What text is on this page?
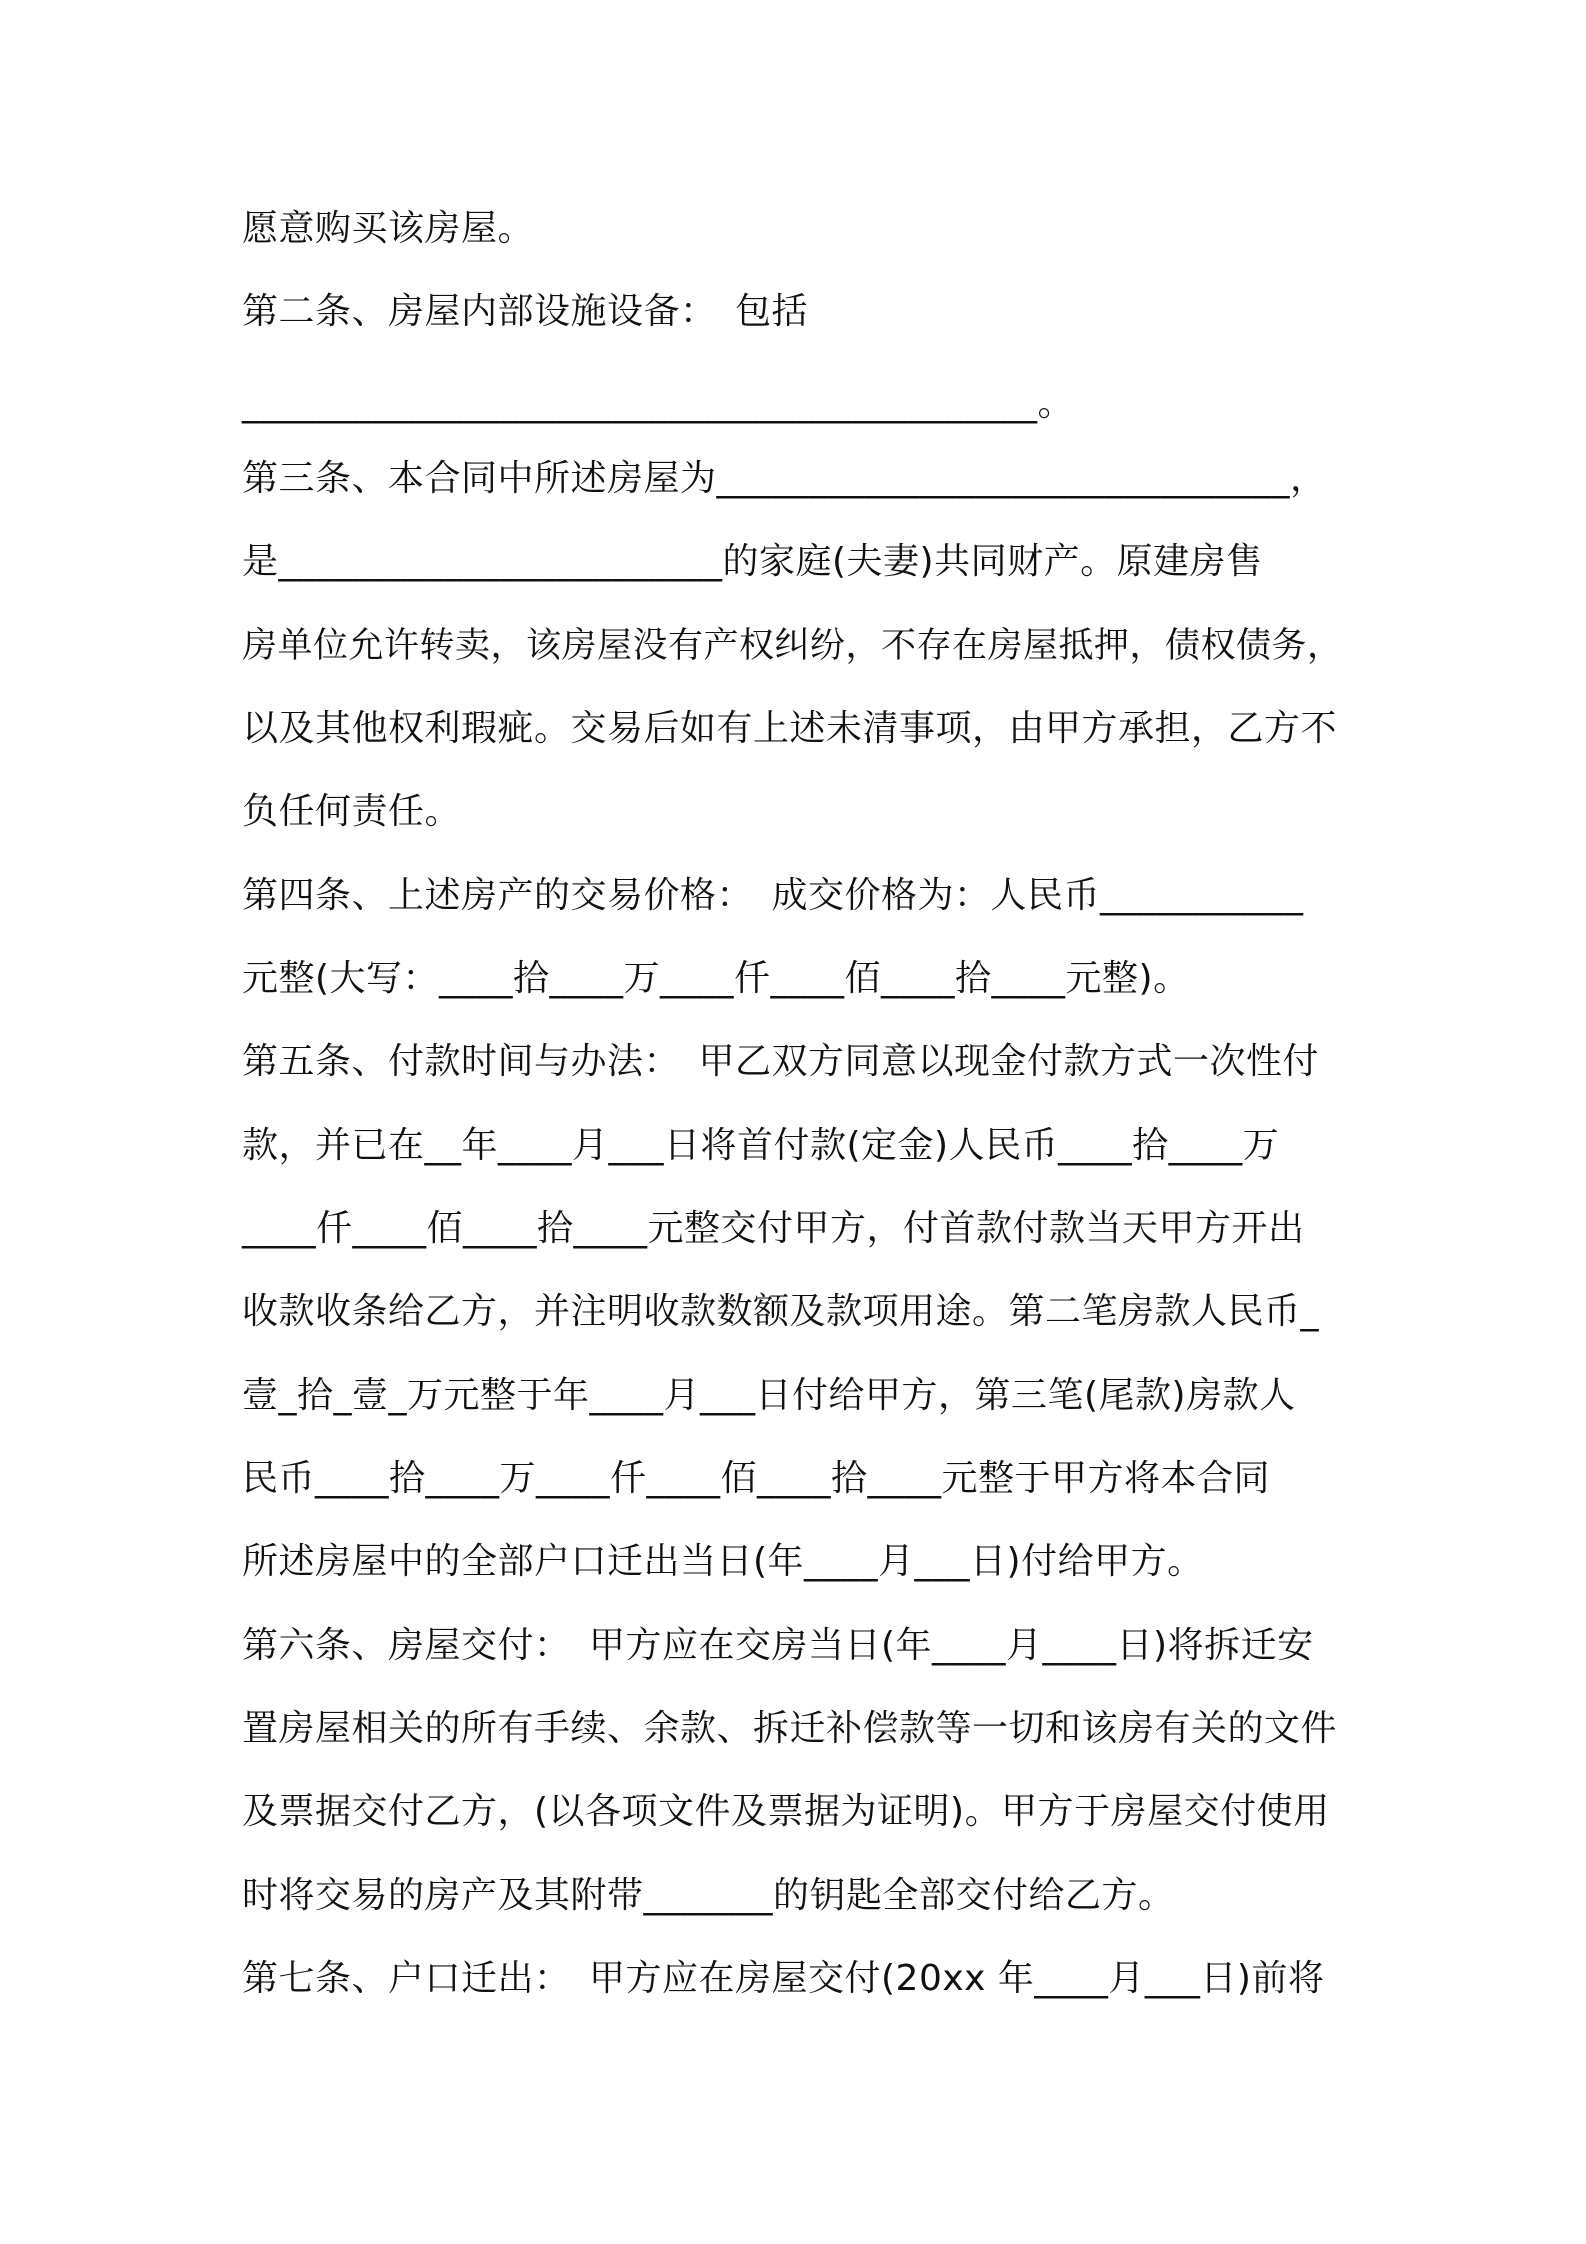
愿意购买该房屋。

第二条、房屋内部设施设备：　包括

___________________________________________。

第三条、本合同中所述房屋为_______________________________，

是________________________的家庭(夫妻)共同财产。原建房售

房单位允许转卖，该房屋没有产权纠纷，不存在房屋抵押，债权债务，

以及其他权利瑕疵。交易后如有上述未清事项，由甲方承担，乙方不

负任何责任。

第四条、上述房产的交易价格：　成交价格为：人民币___________

元整(大写：____拾____万____仟____佰____拾____元整)。

第五条、付款时间与办法：　甲乙双方同意以现金付款方式一次性付

款，并已在__年____月___日将首付款(定金)人民币____拾____万

____仟____佰____拾____元整交付甲方，付首款付款当天甲方开出

收款收条给乙方，并注明收款数额及款项用途。第二笔房款人民币_

壹_拾_壹_万元整于年____月___日付给甲方，第三笔(尾款)房款人

民币____拾____万____仟____佰____拾____元整于甲方将本合同

所述房屋中的全部户口迁出当日(年____月___日)付给甲方。

第六条、房屋交付：　甲方应在交房当日(年____月____日)将拆迁安

置房屋相关的所有手续、余款、拆迁补偿款等一切和该房有关的文件

及票据交付乙方，(以各项文件及票据为证明)。甲方于房屋交付使用

时将交易的房产及其附带_______的钥匙全部交付给乙方。

第七条、户口迁出：　甲方应在房屋交付(20xx 年____月___日)前将
